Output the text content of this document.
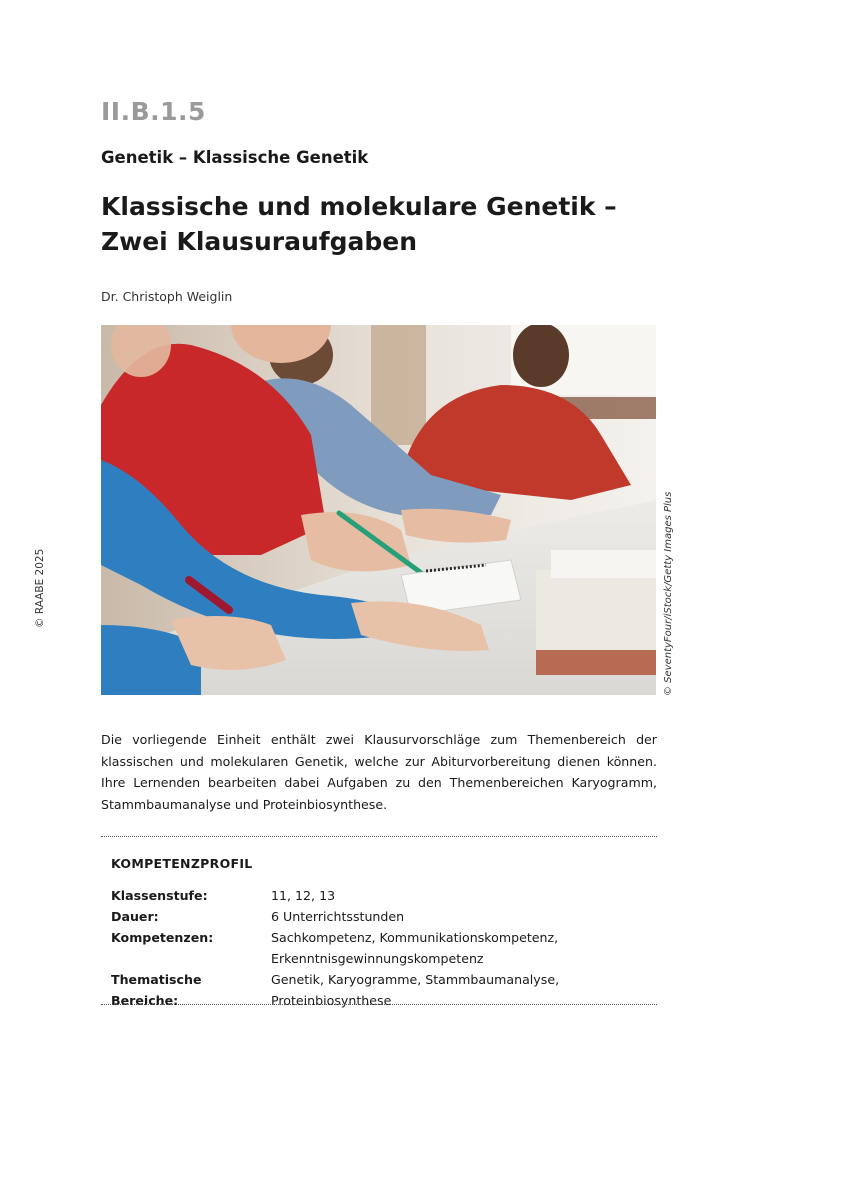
© RAABE 2025
II.B.1.5
Genetik – Klassische Genetik
Klassische und molekulare Genetik – Zwei Klausuraufgaben
Dr. Christoph Weiglin
© SeventyFour/iStock/Getty Images Plus

Die vorliegende Einheit enthält zwei Klausurvorschläge zum Themenbereich der klassischen und molekularen Genetik, welche zur Abiturvorbereitung dienen können. Ihre Lernenden bearbeiten dabei Aufgaben zu den Themenbereichen Karyogramm, Stammbaumanalyse und Proteinbiosynthese.

KOMPETENZPROFIL
Klassenstufe:	11, 12, 13
Dauer:	6 Unterrichtsstunden
Kompetenzen:	Sachkompetenz, Kommunikationskompetenz,
Erkenntnisgewinnungskompetenz
Thematische Bereiche:
Genetik, Karyogramme, Stammbaumanalyse, Proteinbiosynthese
